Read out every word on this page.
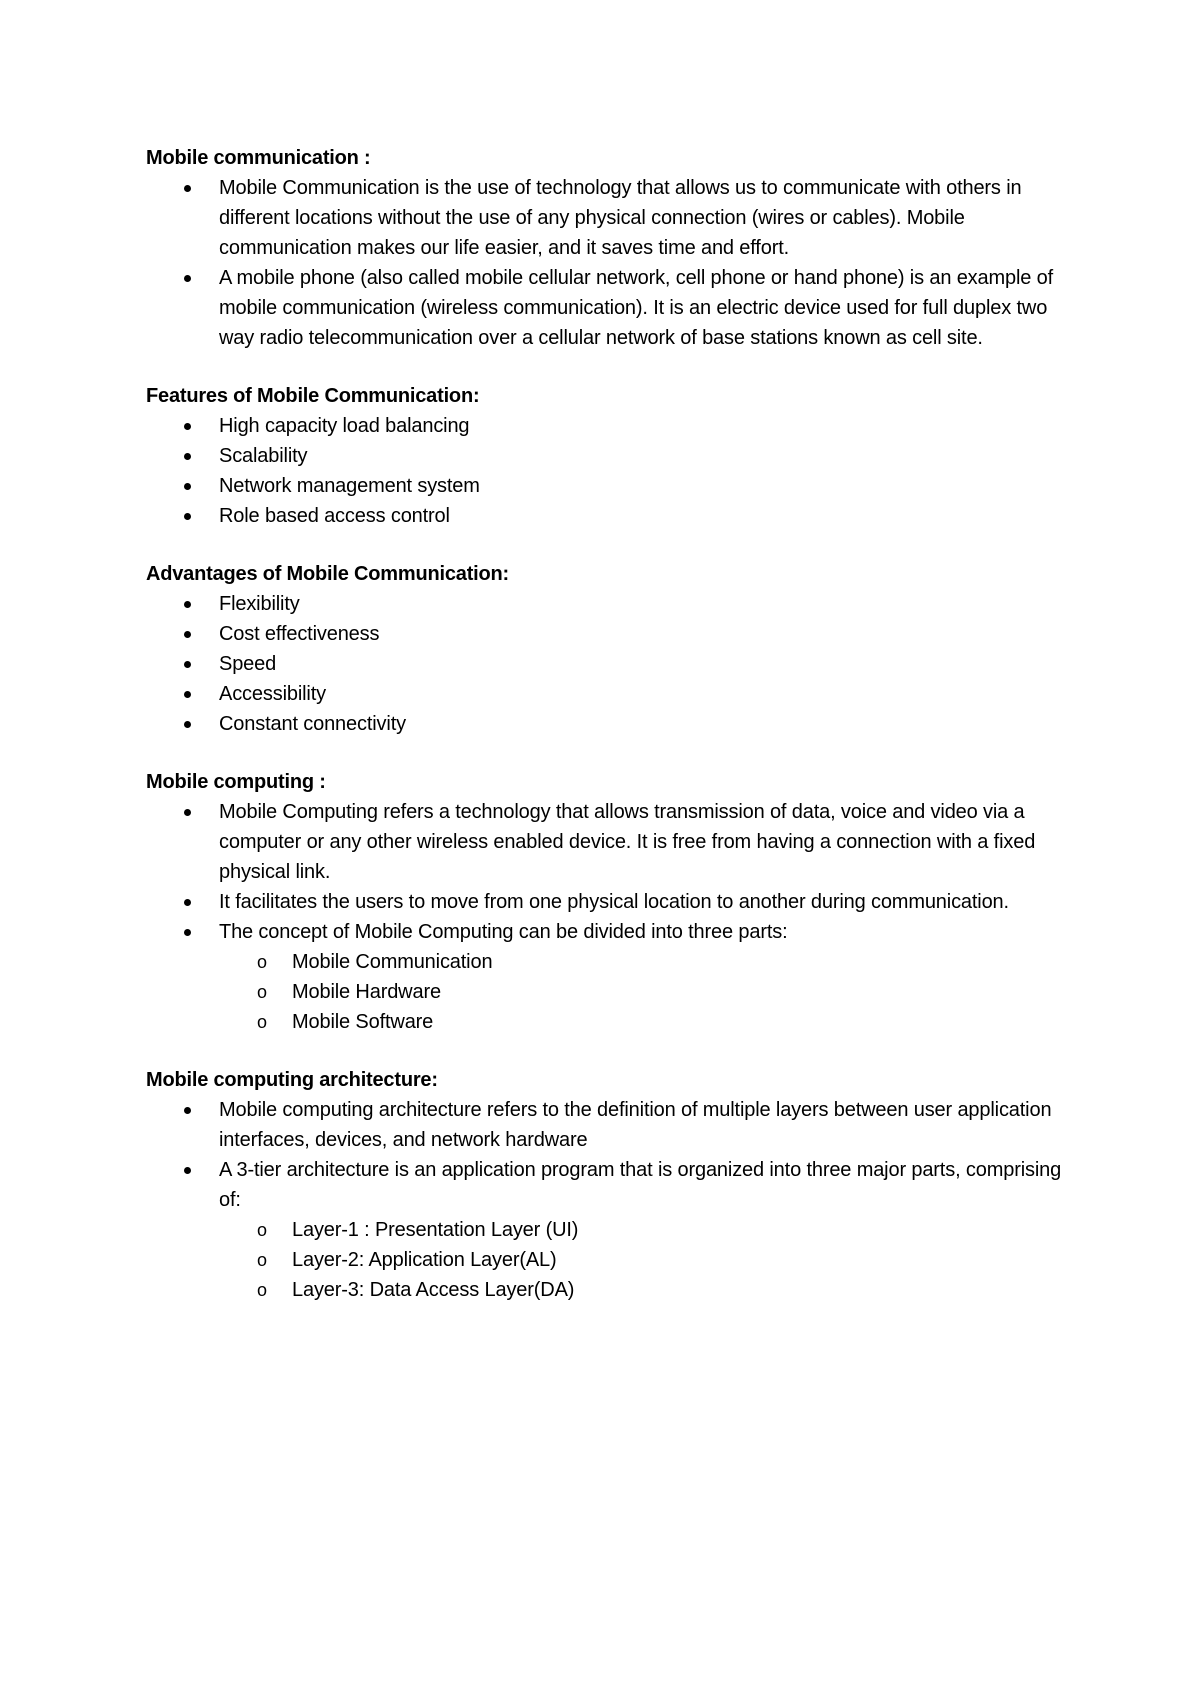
Mobile communication :
Mobile Communication is the use of technology that allows us to communicate with others in different locations without the use of any physical connection (wires or cables). Mobile communication makes our life easier, and it saves time and effort.
A mobile phone (also called mobile cellular network, cell phone or hand phone) is an example of mobile communication (wireless communication). It is an electric device used for full duplex two way radio telecommunication over a cellular network of base stations known as cell site.
Features of Mobile Communication:
High capacity load balancing
Scalability
Network management system
Role based access control
Advantages of Mobile Communication:
Flexibility
Cost effectiveness
Speed
Accessibility
Constant connectivity
Mobile computing :
Mobile Computing refers a technology that allows transmission of data, voice and video via a computer or any other wireless enabled device. It is free from having a connection with a fixed physical link.
It facilitates the users to move from one physical location to another during communication.
The concept of Mobile Computing can be divided into three parts:
o Mobile Communication
o Mobile Hardware
o Mobile Software
Mobile computing architecture:
Mobile computing architecture refers to the definition of multiple layers between user application interfaces, devices, and network hardware
A 3-tier architecture is an application program that is organized into three major parts, comprising of:
o Layer-1 : Presentation Layer (UI)
o Layer-2: Application Layer(AL)
o Layer-3: Data Access Layer(DA)
